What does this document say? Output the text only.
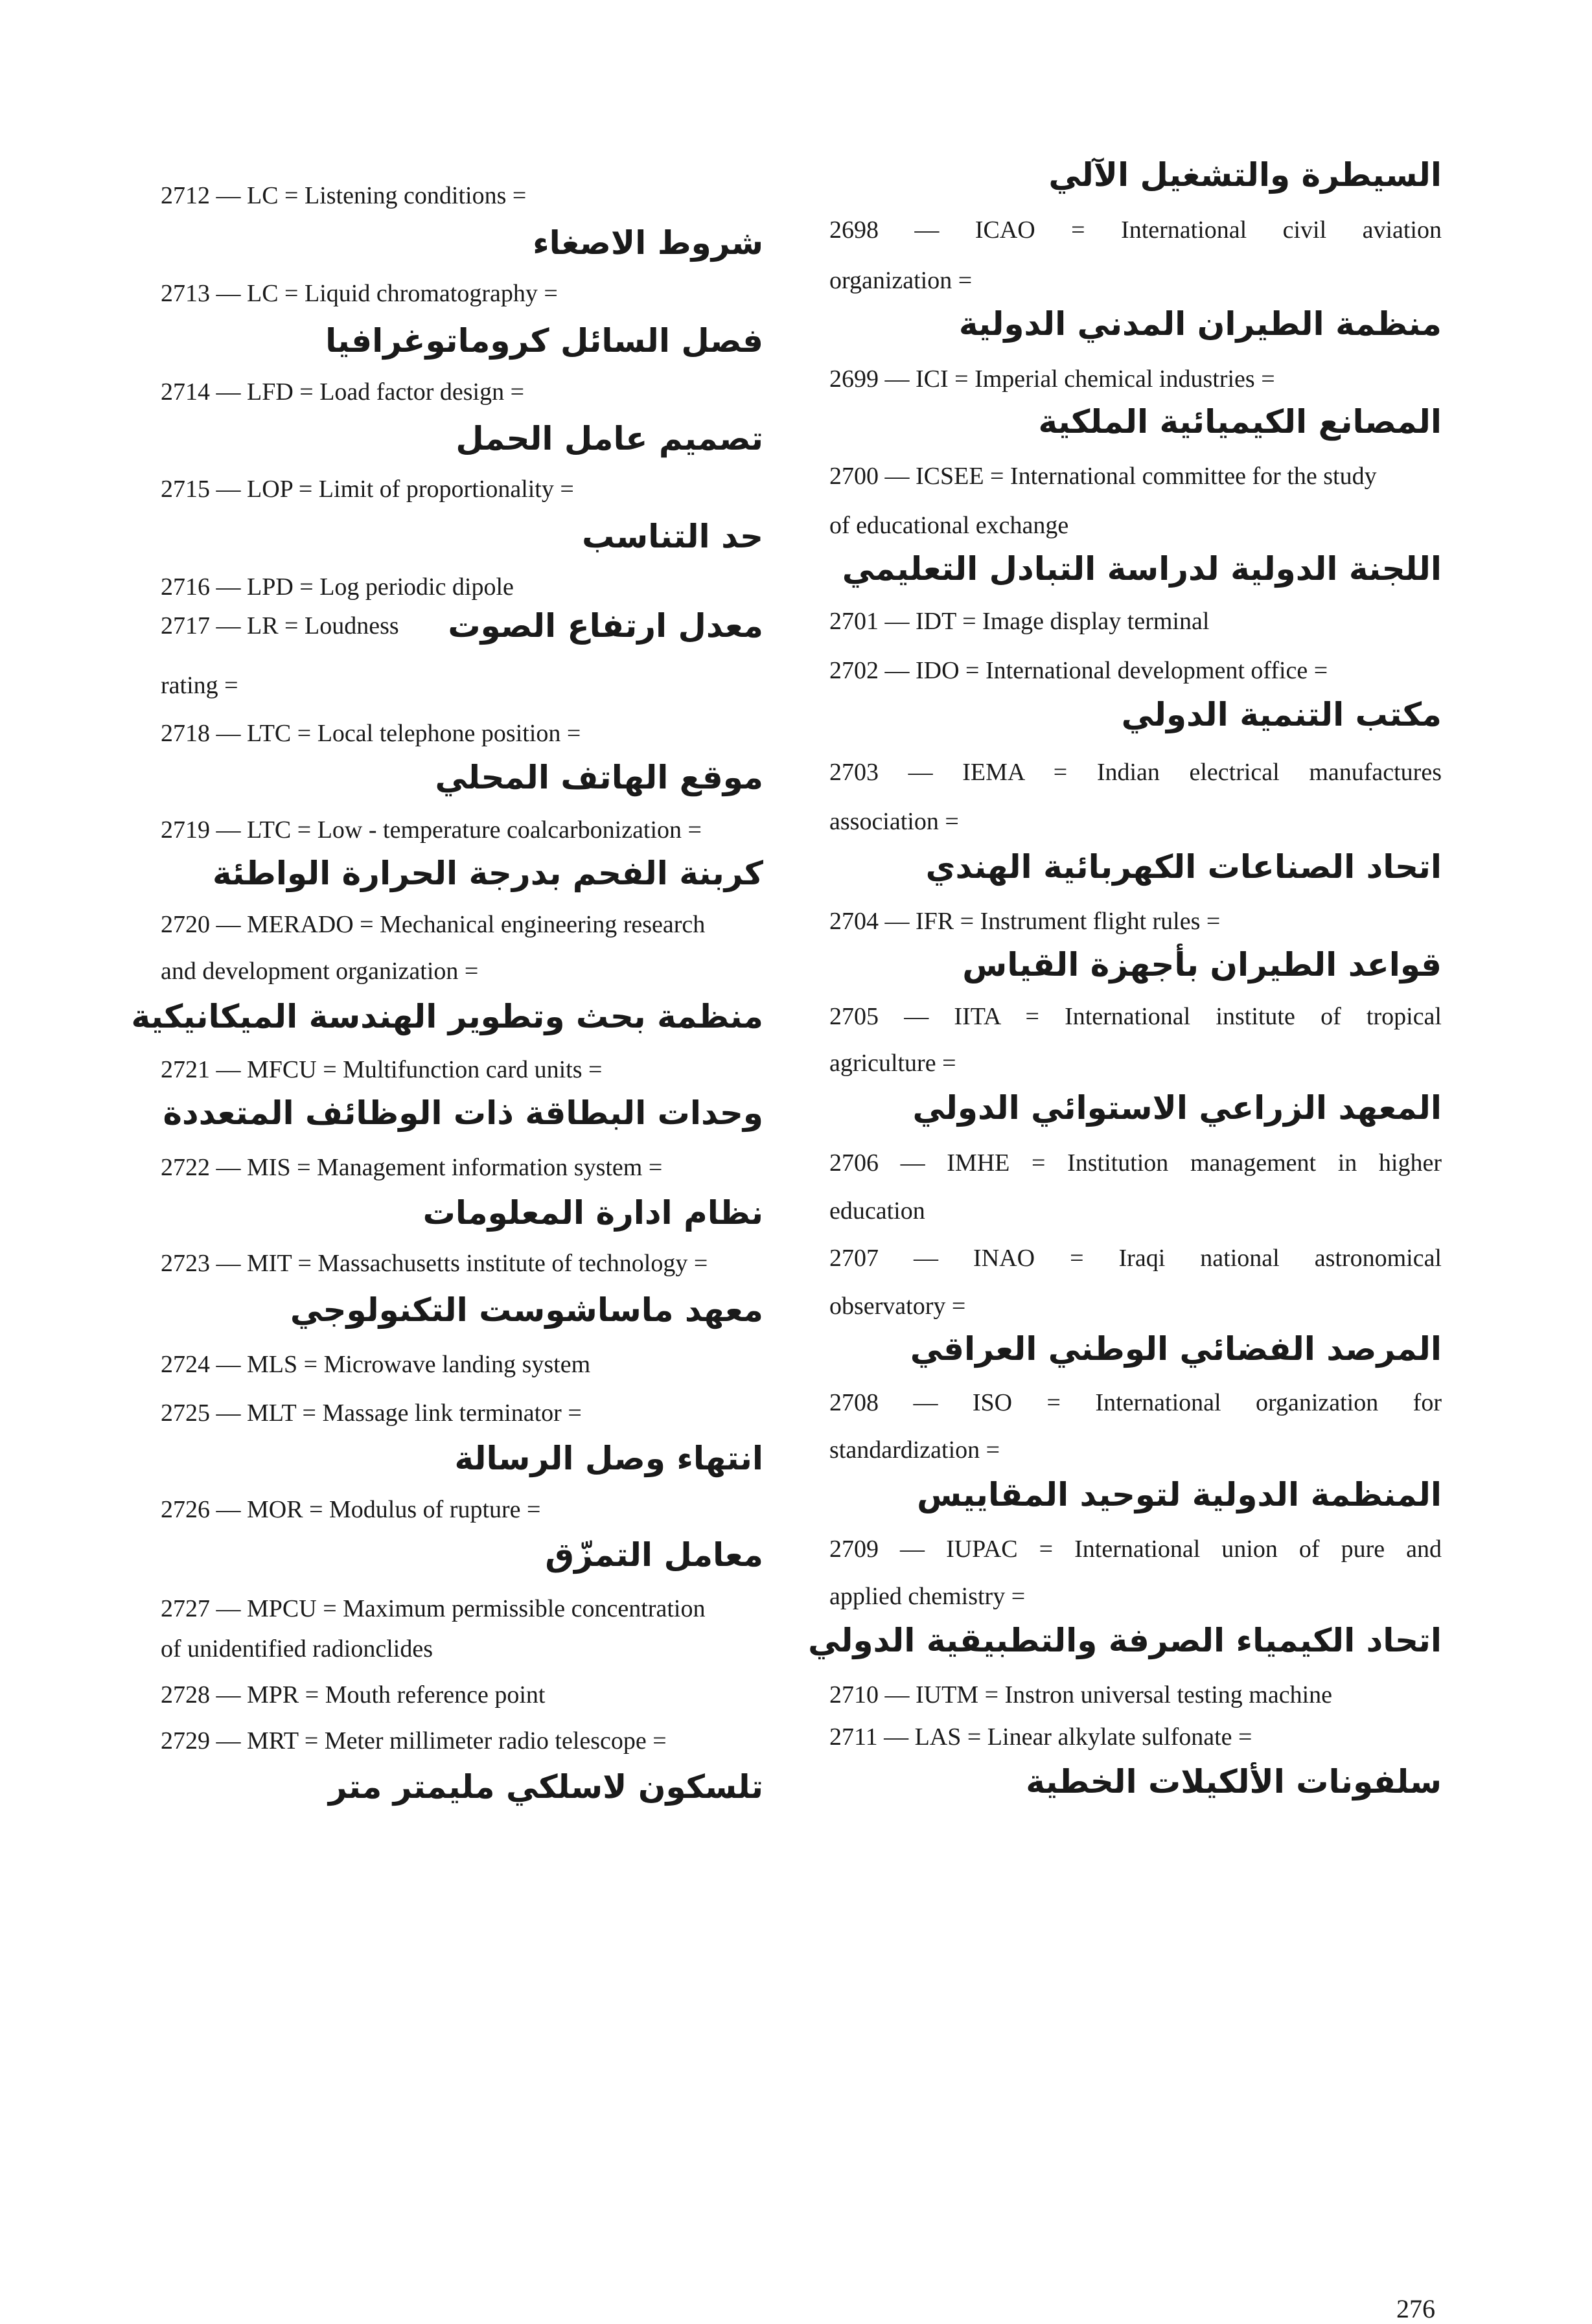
2712 — LC = Listening conditions =
شروط الاصغاء
2713 — LC = Liquid chromatography =
فصل السائل كروماتوغرافيا
2714 — LFD = Load factor design =
تصميم عامل الحمل
2715 — LOP = Limit of proportionality =
حد التناسب
2716 — LPD = Log periodic dipole
2717 — LR = Loudness معدل ارتفاع الصوت
rating =
2718 — LTC = Local telephone position =
موقع الهاتف المحلي
2719 — LTC = Low - temperature coalcarbonization =
كربنة الفحم بدرجة الحرارة الواطئة
2720 — MERADO = Mechanical engineering research
and development organization =
منظمة بحث وتطوير الهندسة الميكانيكية
2721 — MFCU = Multifunction card units =
وحدات البطاقة ذات الوظائف المتعددة
2722 — MIS = Management information system =
نظام ادارة المعلومات
2723 — MIT = Massachusetts institute of technology =
معهد ماساشوست التكنولوجي
2724 — MLS = Microwave landing system
2725 — MLT = Massage link terminator =
انتهاء وصل الرسالة
2726 — MOR = Modulus of rupture =
معامل التمزّق
2727 — MPCU = Maximum permissible concentration
of unidentified radionclides
2728 — MPR = Mouth reference point
2729 — MRT = Meter millimeter radio telescope =
تلسكون لاسلكي مليمتر متر
السيطرة والتشغيل الآلي
2698 — ICAO = International civil aviation
organization =
منظمة الطيران المدني الدولية
2699 — ICI = Imperial chemical industries =
المصانع الكيميائية الملكية
2700 — ICSEE = International committee for the study
of educational exchange
اللجنة الدولية لدراسة التبادل التعليمي
2701 — IDT = Image display terminal
2702 — IDO = International development office =
مكتب التنمية الدولي
2703 — IEMA = Indian electrical manufactures
association =
اتحاد الصناعات الكهربائية الهندي
2704 — IFR = Instrument flight rules =
قواعد الطيران بأجهزة القياس
2705 — IITA = International institute of tropical
agriculture =
المعهد الزراعي الاستوائي الدولي
2706 — IMHE = Institution management in higher
education
2707 — INAO = Iraqi national astronomical
observatory =
المرصد الفضائي الوطني العراقي
2708 — ISO = International organization for
standardization =
المنظمة الدولية لتوحيد المقاييس
2709 — IUPAC = International union of pure and
applied chemistry =
اتحاد الكيمياء الصرفة والتطبيقية الدولي
2710 — IUTM = Instron universal testing machine
2711 — LAS = Linear alkylate sulfonate =
سلفونات الألكيلات الخطية
276
